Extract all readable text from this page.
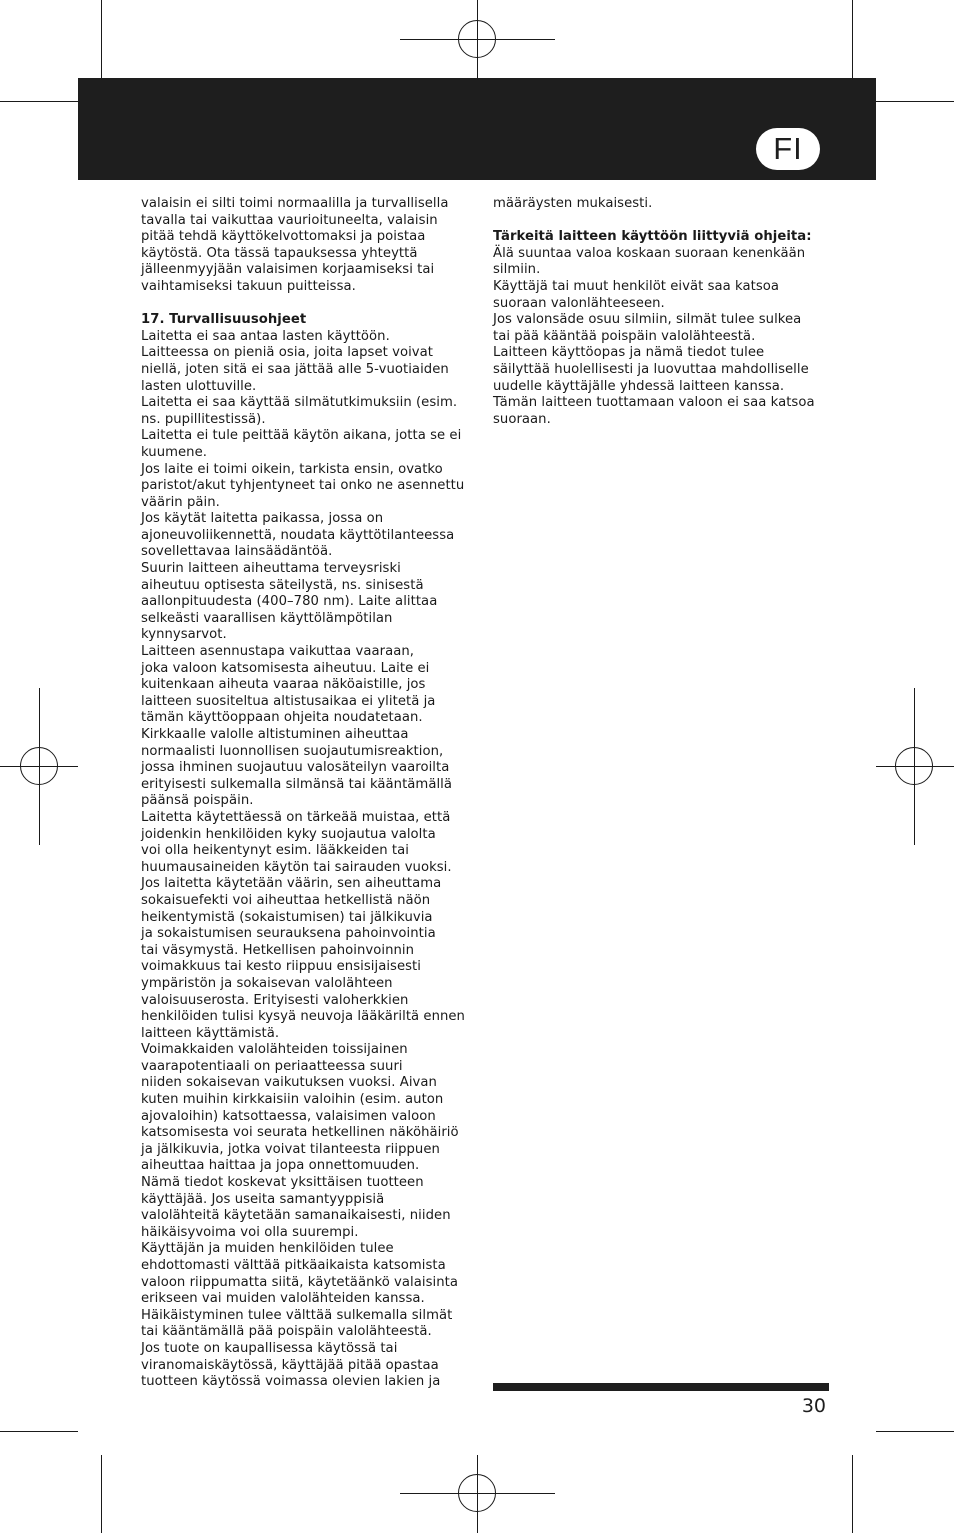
FI

valaisin ei silti toimi normaalilla ja turvallisella

tavalla tai vaikuttaa vaurioituneelta, valaisin

pitää tehdä käyttökelvottomaksi ja poistaa

käytöstä. Ota tässä tapauksessa yhteyttä

jälleenmyyjään valaisimen korjaamiseksi tai

vaihtamiseksi takuun puitteissa.

17. Turvallisuusohjeet

Laitetta ei saa antaa lasten käyttöön.

Laitteessa on pieniä osia, joita lapset voivat

niellä, joten sitä ei saa jättää alle 5-vuotiaiden

lasten ulottuville.

Laitetta ei saa käyttää silmätutkimuksiin (esim.

ns. pupillitestissä).

Laitetta ei tule peittää käytön aikana, jotta se ei

kuumene.

Jos laite ei toimi oikein, tarkista ensin, ovatko

paristot/akut tyhjentyneet tai onko ne asennettu

väärin päin.

Jos käytät laitetta paikassa, jossa on

ajoneuvoliikennettä, noudata käyttötilanteessa

sovellettavaa lainsäädäntöä.

Suurin laitteen aiheuttama terveysriski

aiheutuu optisesta säteilystä, ns. sinisestä

aallonpituudesta (400–780 nm). Laite alittaa

selkeästi vaarallisen käyttölämpötilan

kynnysarvot.

Laitteen asennustapa vaikuttaa vaaraan,

joka valoon katsomisesta aiheutuu. Laite ei

kuitenkaan aiheuta vaaraa näköaistille, jos

laitteen suositeltua altistusaikaa ei ylitetä ja

tämän käyttöoppaan ohjeita noudatetaan.

Kirkkaalle valolle altistuminen aiheuttaa

normaalisti luonnollisen suojautumisreaktion,

jossa ihminen suojautuu valosäteilyn vaaroilta

erityisesti sulkemalla silmänsä tai kääntämällä

päänsä poispäin.

Laitetta käytettäessä on tärkeää muistaa, että

joidenkin henkilöiden kyky suojautua valolta

voi olla heikentynyt esim. lääkkeiden tai

huumausaineiden käytön tai sairauden vuoksi.

Jos laitetta käytetään väärin, sen aiheuttama

sokaisuefekti voi aiheuttaa hetkellistä näön

heikentymistä (sokaistumisen) tai jälkikuvia

ja sokaistumisen seurauksena pahoinvointia

tai väsymystä. Hetkellisen pahoinvoinnin

voimakkuus tai kesto riippuu ensisijaisesti

ympäristön ja sokaisevan valolähteen

valoisuuserosta. Erityisesti valoherkkien

henkilöiden tulisi kysyä neuvoja lääkäriltä ennen

laitteen käyttämistä.

Voimakkaiden valolähteiden toissijainen

vaarapotentiaali on periaatteessa suuri

niiden sokaisevan vaikutuksen vuoksi. Aivan

kuten muihin kirkkaisiin valoihin (esim. auton

ajovaloihin) katsottaessa, valaisimen valoon

katsomisesta voi seurata hetkellinen näköhäiriö

ja jälkikuvia, jotka voivat tilanteesta riippuen

aiheuttaa haittaa ja jopa onnettomuuden.

Nämä tiedot koskevat yksittäisen tuotteen

käyttäjää. Jos useita samantyyppisiä

valolähteitä käytetään samanaikaisesti, niiden

häikäisyvoima voi olla suurempi.

Käyttäjän ja muiden henkilöiden tulee

ehdottomasti välttää pitkäaikaista katsomista

valoon riippumatta siitä, käytetäänkö valaisinta

erikseen vai muiden valolähteiden kanssa.

Häikäistyminen tulee välttää sulkemalla silmät

tai kääntämällä pää poispäin valolähteestä.

Jos tuote on kaupallisessa käytössä tai

viranomaiskäytössä, käyttäjää pitää opastaa

tuotteen käytössä voimassa olevien lakien ja

määräysten mukaisesti.

Tärkeitä laitteen käyttöön liittyviä ohjeita:

Älä suuntaa valoa koskaan suoraan kenenkään

silmiin.

Käyttäjä tai muut henkilöt eivät saa katsoa

suoraan valonlähteeseen.

Jos valonsäde osuu silmiin, silmät tulee sulkea

tai pää kääntää poispäin valolähteestä.

Laitteen käyttöopas ja nämä tiedot tulee

säilyttää huolellisesti ja luovuttaa mahdolliselle

uudelle käyttäjälle yhdessä laitteen kanssa.

Tämän laitteen tuottamaan valoon ei saa katsoa

suoraan.

30
